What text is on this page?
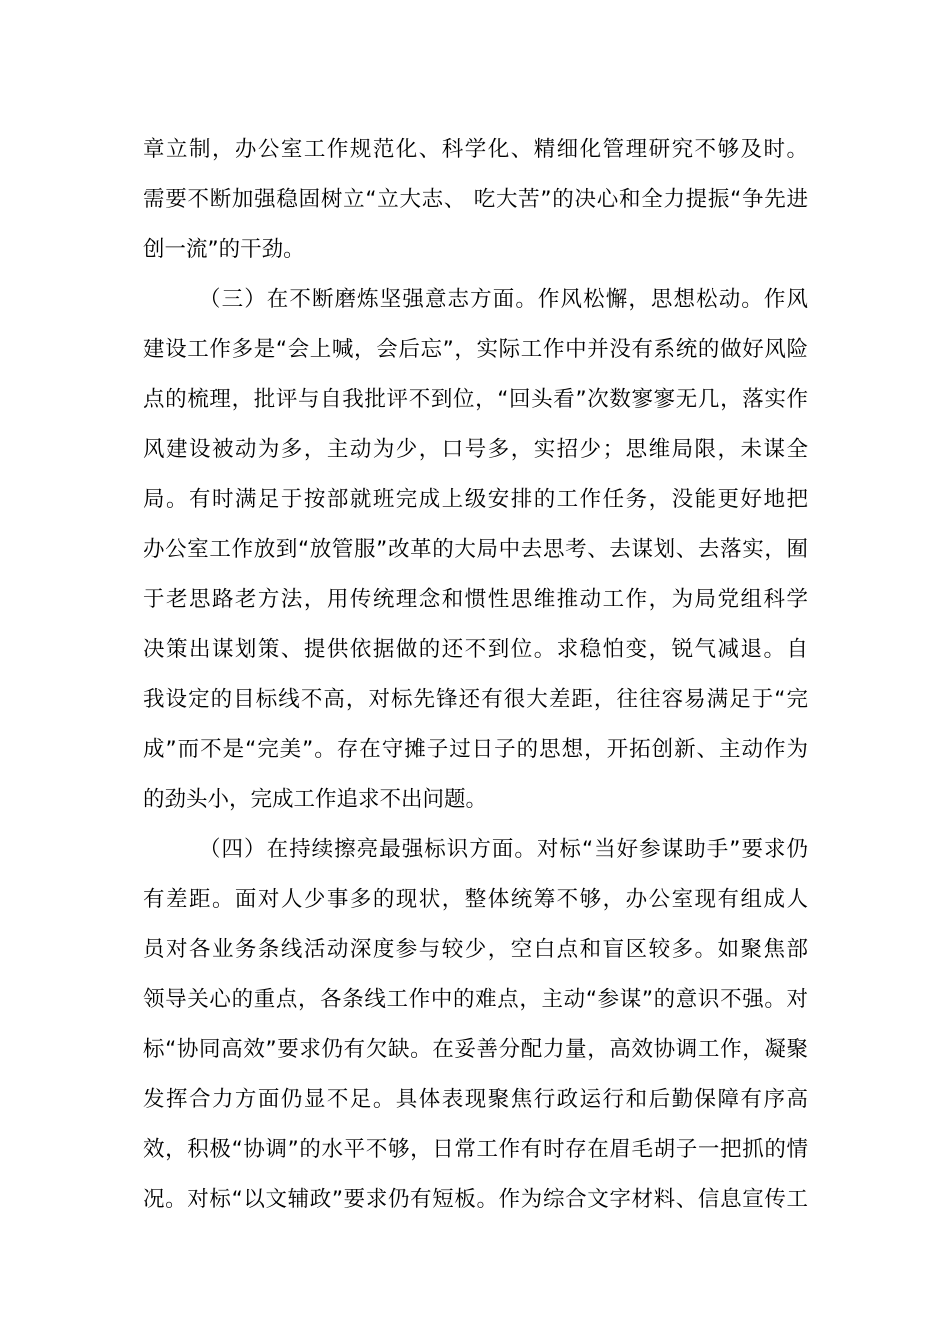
章立制，办公室工作规范化、科学化、精细化管理研究不够及时。
需要不断加强稳固树立“立大志、 吃大苦”的决心和全力提振“争先进
创一流”的干劲。
（三）在不断磨炼坚强意志方面。作风松懈，思想松动。作风
建设工作多是“会上喊，会后忘”，实际工作中并没有系统的做好风险
点的梳理，批评与自我批评不到位，“回头看”次数寥寥无几，落实作
风建设被动为多，主动为少，口号多，实招少；思维局限，未谋全
局。有时满足于按部就班完成上级安排的工作任务，没能更好地把
办公室工作放到“放管服”改革的大局中去思考、去谋划、去落实，囿
于老思路老方法，用传统理念和惯性思维推动工作，为局党组科学
决策出谋划策、提供依据做的还不到位。求稳怕变，锐气减退。自
我设定的目标线不高，对标先锋还有很大差距，往往容易满足于“完
成”而不是“完美”。存在守摊子过日子的思想，开拓创新、主动作为
的劲头小，完成工作追求不出问题。
（四）在持续擦亮最强标识方面。对标“当好参谋助手”要求仍
有差距。面对人少事多的现状，整体统筹不够，办公室现有组成人
员对各业务条线活动深度参与较少，空白点和盲区较多。如聚焦部
领导关心的重点，各条线工作中的难点，主动“参谋”的意识不强。对
标“协同高效”要求仍有欠缺。在妥善分配力量，高效协调工作，凝聚
发挥合力方面仍显不足。具体表现聚焦行政运行和后勤保障有序高
效，积极“协调”的水平不够，日常工作有时存在眉毛胡子一把抓的情
况。对标“以文辅政”要求仍有短板。作为综合文字材料、信息宣传工
